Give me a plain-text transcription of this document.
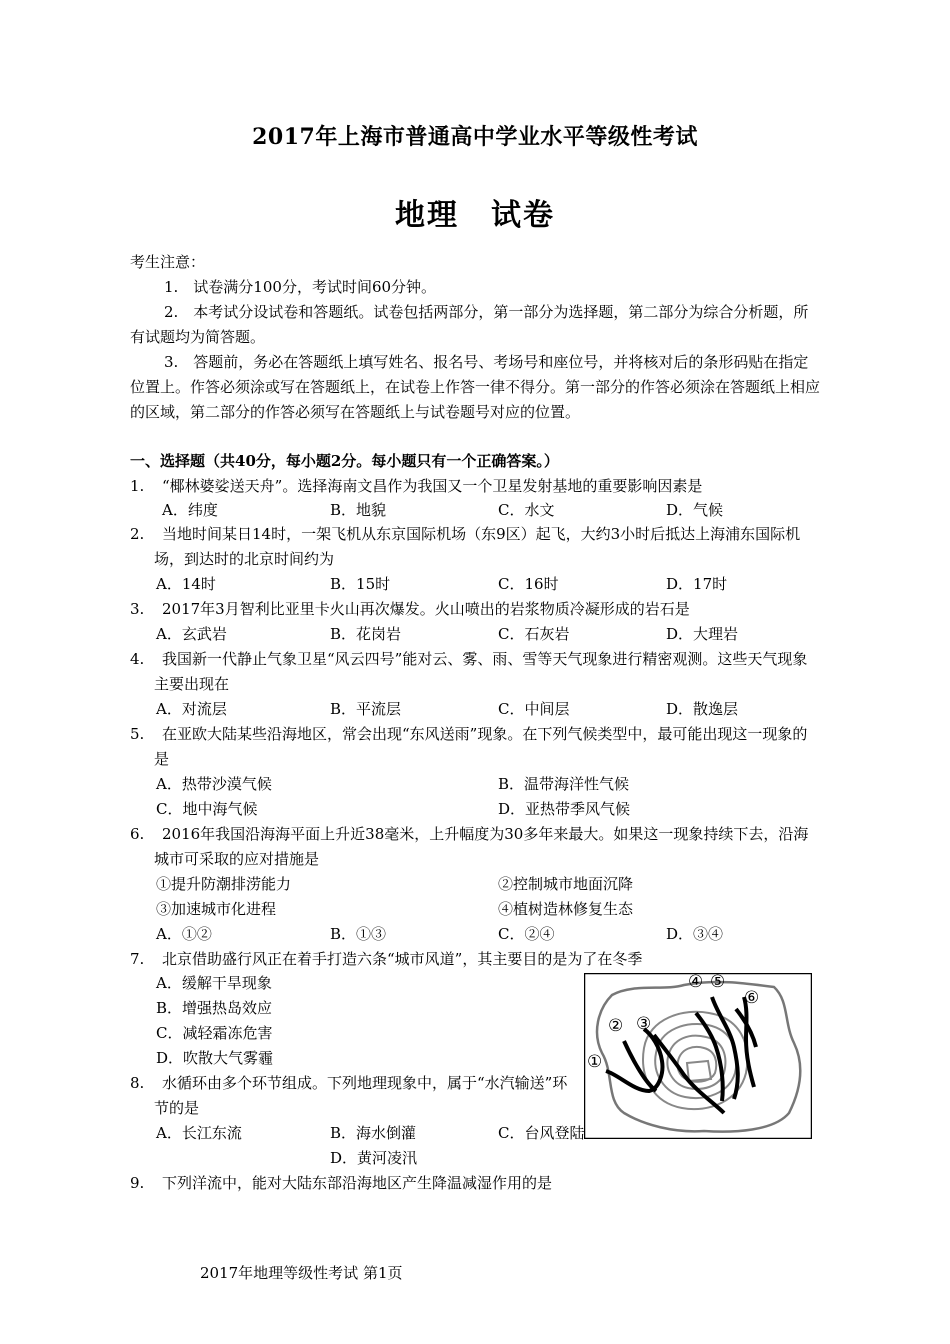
2017年上海市普通高中学业水平等级性考试
地理　试卷

考生注意：

1.　试卷满分100分，考试时间60分钟。

2.　本考试分设试卷和答题纸。试卷包括两部分，第一部分为选择题，第二部分为综合分析题，所有试题均为简答题。

3.　答题前，务必在答题纸上填写姓名、报名号、考场号和座位号，并将核对后的条形码贴在指定位置上。作答必须涂或写在答题纸上，在试卷上作答一律不得分。第一部分的作答必须涂在答题纸上相应的区域，第二部分的作答必须写在答题纸上与试卷题号对应的位置。

一、选择题（共40分，每小题2分。每小题只有一个正确答案。）
1.	“椰林婆娑送天舟”。选择海南文昌作为我国又一个卫星发射基地的重要影响因素是
A．纬度	B．地貌	C．水文	D．气候
2.	当地时间某日14时，一架飞机从东京国际机场（东9区）起飞，大约3小时后抵达上海浦东国际机场，到达时的北京时间约为
A．14时	B．15时	C．16时	D．17时
3.	2017年3月智利比亚里卡火山再次爆发。火山喷出的岩浆物质冷凝形成的岩石是
A．玄武岩	B．花岗岩	C．石灰岩	D．大理岩
4.	我国新一代静止气象卫星“风云四号”能对云、雾、雨、雪等天气现象进行精密观测。这些天气现象主要出现在
A．对流层	B．平流层	C．中间层	D．散逸层
5.	在亚欧大陆某些沿海地区，常会出现“东风送雨”现象。在下列气候类型中，最可能出现这一现象的是
A．热带沙漠气候	B．温带海洋性气候
C．地中海气候	D．亚热带季风气候
6.	2016年我国沿海海平面上升近38毫米，上升幅度为30多年来最大。如果这一现象持续下去，沿海城市可采取的应对措施是
①提升防潮排涝能力	②控制城市地面沉降
③加速城市化进程	④植树造林修复生态
A．①②	B．①③	C．②④	D．③④
7.	北京借助盛行风正在着手打造六条“城市风道”，其主要目的是为了在冬季
A．缓解干旱现象
B．增强热岛效应
C．减轻霜冻危害
D．吹散大气雾霾
8.	水循环由多个环节组成。下列地理现象中，属于“水汽输送”环节的是
A．长江东流	B．海水倒灌	C．台风登陆
D．黄河凌汛
9.	下列洋流中，能对大陆东部沿海地区产生降温减湿作用的是
①
② ③
④ ⑤
⑥
2017年地理等级性考试 第1页
